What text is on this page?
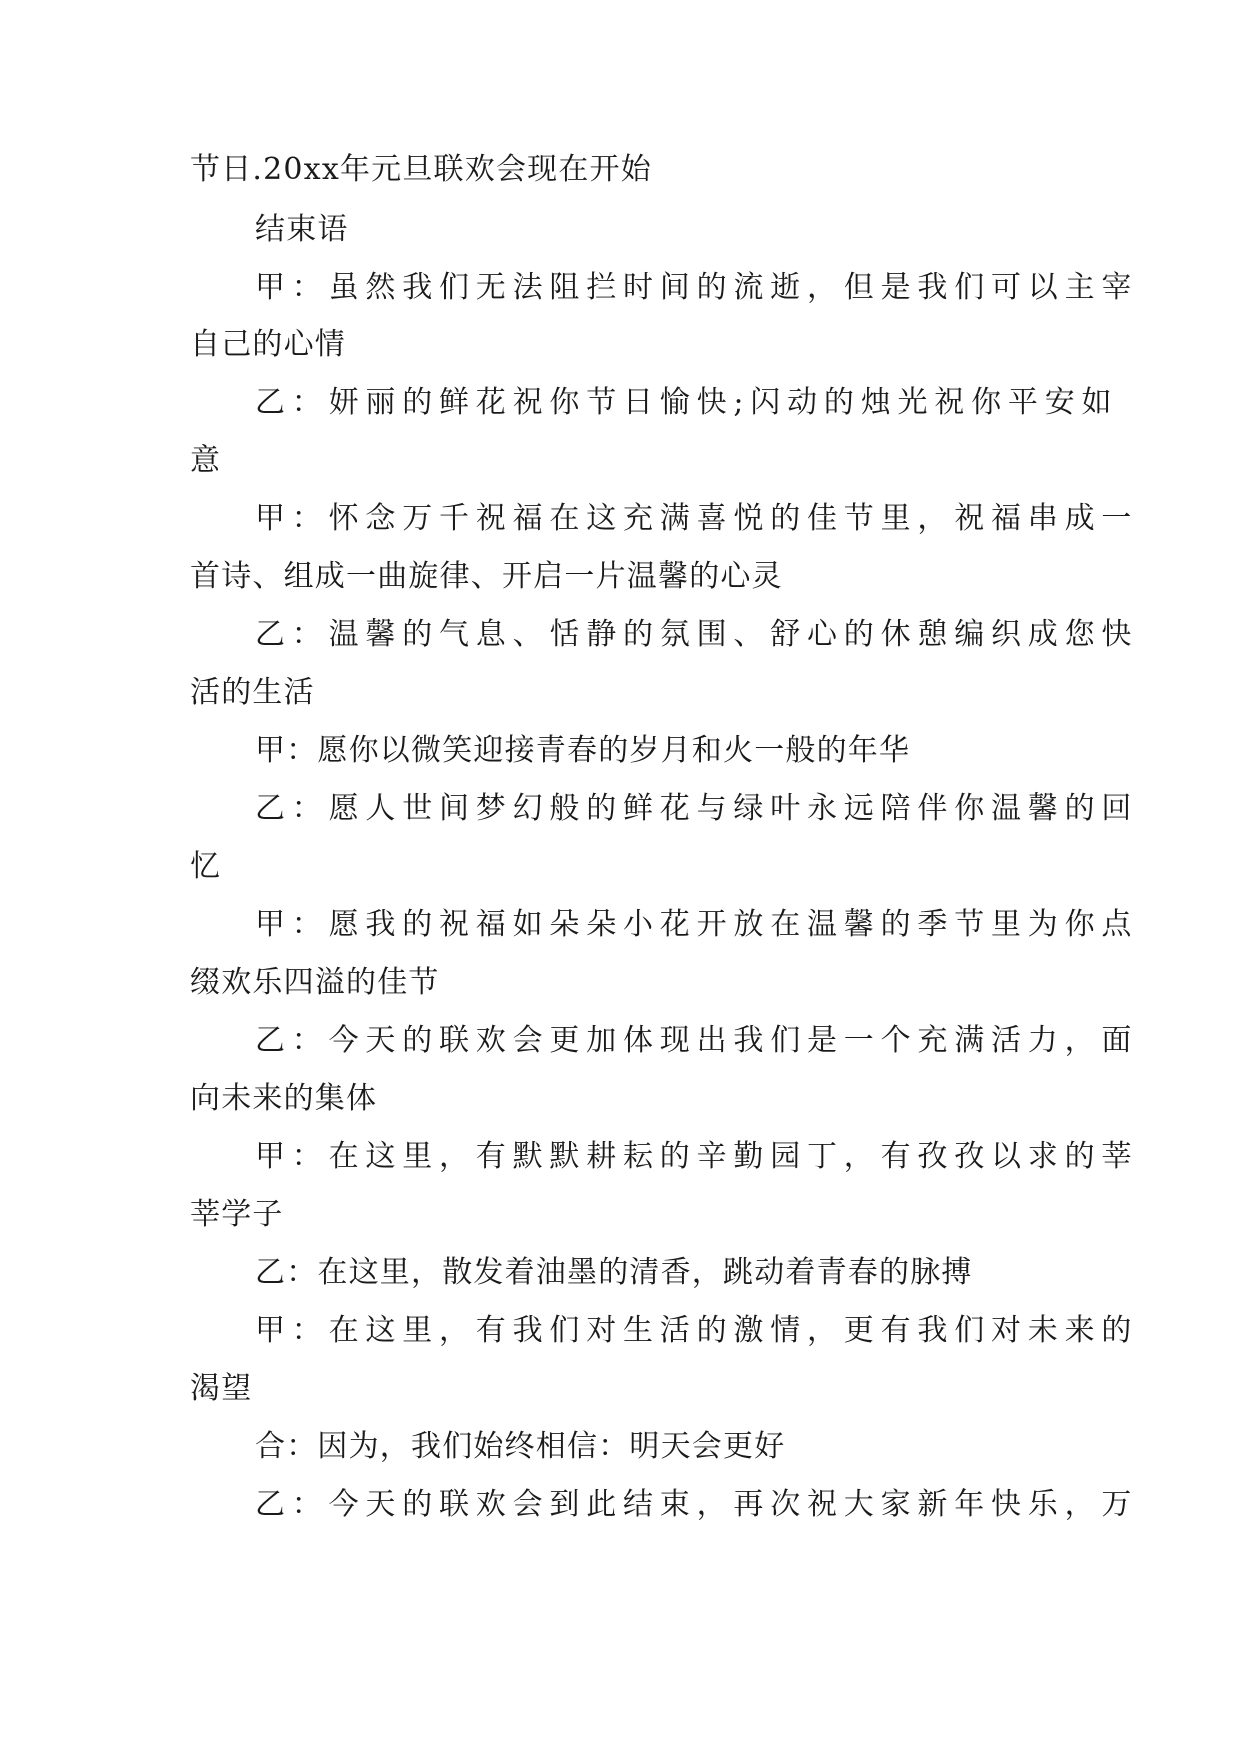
节日.20xx年元旦联欢会现在开始
结束语
甲：虽然我们无法阻拦时间的流逝，但是我们可以主宰
自己的心情
乙：妍丽的鲜花祝你节日愉快;闪动的烛光祝你平安如
意
甲：怀念万千祝福在这充满喜悦的佳节里，祝福串成一
首诗、组成一曲旋律、开启一片温馨的心灵
乙：温馨的气息、恬静的氛围、舒心的休憩编织成您快
活的生活
甲：愿你以微笑迎接青春的岁月和火一般的年华
乙：愿人世间梦幻般的鲜花与绿叶永远陪伴你温馨的回
忆
甲：愿我的祝福如朵朵小花开放在温馨的季节里为你点
缀欢乐四溢的佳节
乙：今天的联欢会更加体现出我们是一个充满活力，面
向未来的集体
甲：在这里，有默默耕耘的辛勤园丁，有孜孜以求的莘
莘学子
乙：在这里，散发着油墨的清香，跳动着青春的脉搏
甲：在这里，有我们对生活的激情，更有我们对未来的
渴望
合：因为，我们始终相信：明天会更好
乙：今天的联欢会到此结束，再次祝大家新年快乐，万
